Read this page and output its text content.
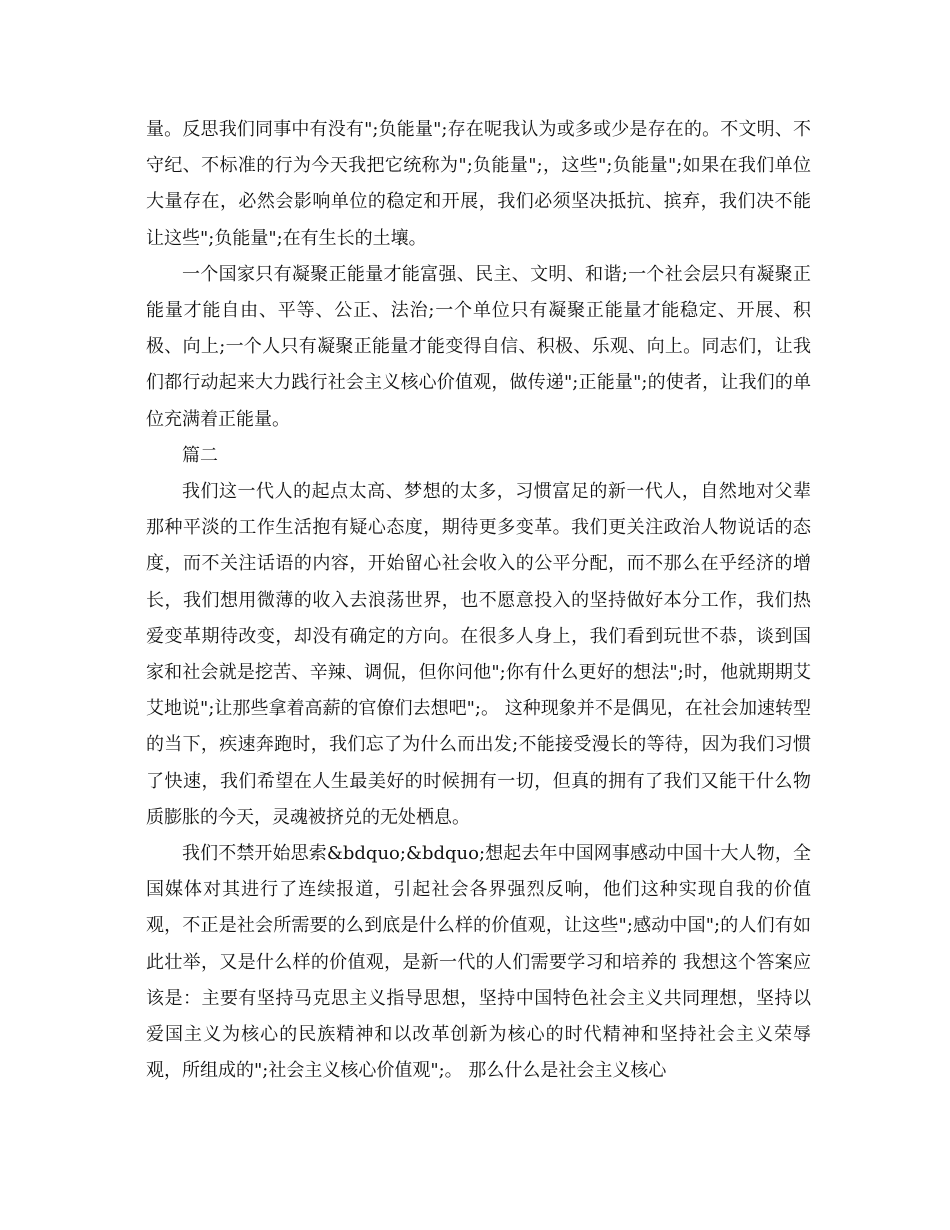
量。反思我们同事中有没有";负能量";存在呢我认为或多或少是存在的。不文明、不守纪、不标准的行为今天我把它统称为";负能量";，这些";负能量";如果在我们单位大量存在，必然会影响单位的稳定和开展，我们必须坚决抵抗、摈弃，我们决不能让这些";负能量";在有生长的土壤。

一个国家只有凝聚正能量才能富强、民主、文明、和谐;一个社会层只有凝聚正能量才能自由、平等、公正、法治;一个单位只有凝聚正能量才能稳定、开展、积极、向上;一个人只有凝聚正能量才能变得自信、积极、乐观、向上。同志们，让我们都行动起来大力践行社会主义核心价值观，做传递";正能量";的使者，让我们的单位充满着正能量。

篇二

我们这一代人的起点太高、梦想的太多，习惯富足的新一代人，自然地对父辈那种平淡的工作生活抱有疑心态度，期待更多变革。我们更关注政治人物说话的态度，而不关注话语的内容，开始留心社会收入的公平分配，而不那么在乎经济的增长，我们想用微薄的收入去浪荡世界，也不愿意投入的坚持做好本分工作，我们热爱变革期待改变，却没有确定的方向。在很多人身上，我们看到玩世不恭，谈到国家和社会就是挖苦、辛辣、调侃，但你问他";你有什么更好的想法";时，他就期期艾艾地说";让那些拿着高薪的官僚们去想吧";。 这种现象并不是偶见，在社会加速转型的当下，疾速奔跑时，我们忘了为什么而出发;不能接受漫长的等待，因为我们习惯了快速，我们希望在人生最美好的时候拥有一切，但真的拥有了我们又能干什么物质膨胀的今天，灵魂被挤兑的无处栖息。

我们不禁开始思索&bdquo;&bdquo;想起去年中国网事感动中国十大人物，全国媒体对其进行了连续报道，引起社会各界强烈反响，他们这种实现自我的价值观，不正是社会所需要的么到底是什么样的价值观，让这些";感动中国";的人们有如此壮举，又是什么样的价值观，是新一代的人们需要学习和培养的 我想这个答案应该是：主要有坚持马克思主义指导思想，坚持中国特色社会主义共同理想，坚持以爱国主义为核心的民族精神和以改革创新为核心的时代精神和坚持社会主义荣辱观，所组成的";社会主义核心价值观";。 那么什么是社会主义核心
